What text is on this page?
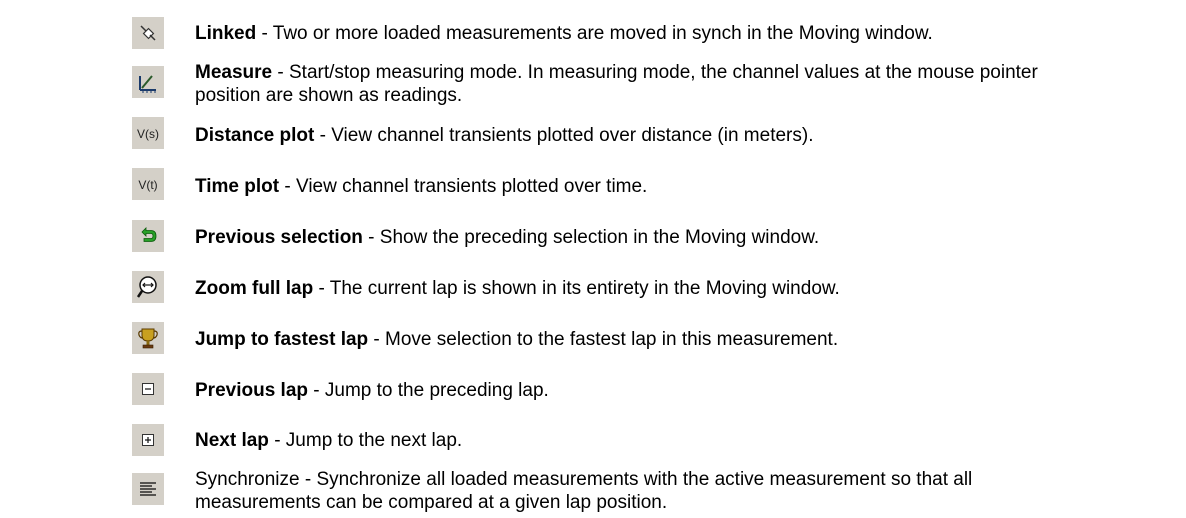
Linked - Two or more loaded measurements are moved in synch in the Moving window.
Measure - Start/stop measuring mode. In measuring mode, the channel values at the mouse pointer position are shown as readings.
V(s) Distance plot - View channel transients plotted over distance (in meters).
V(t) Time plot - View channel transients plotted over time.
Previous selection - Show the preceding selection in the Moving window.
Zoom full lap - The current lap is shown in its entirety in the Moving window.
Jump to fastest lap - Move selection to the fastest lap in this measurement.
Previous lap - Jump to the preceding lap.
Next lap - Jump to the next lap.
Synchronize - Synchronize all loaded measurements with the active measurement so that all measurements can be compared at a given lap position.
